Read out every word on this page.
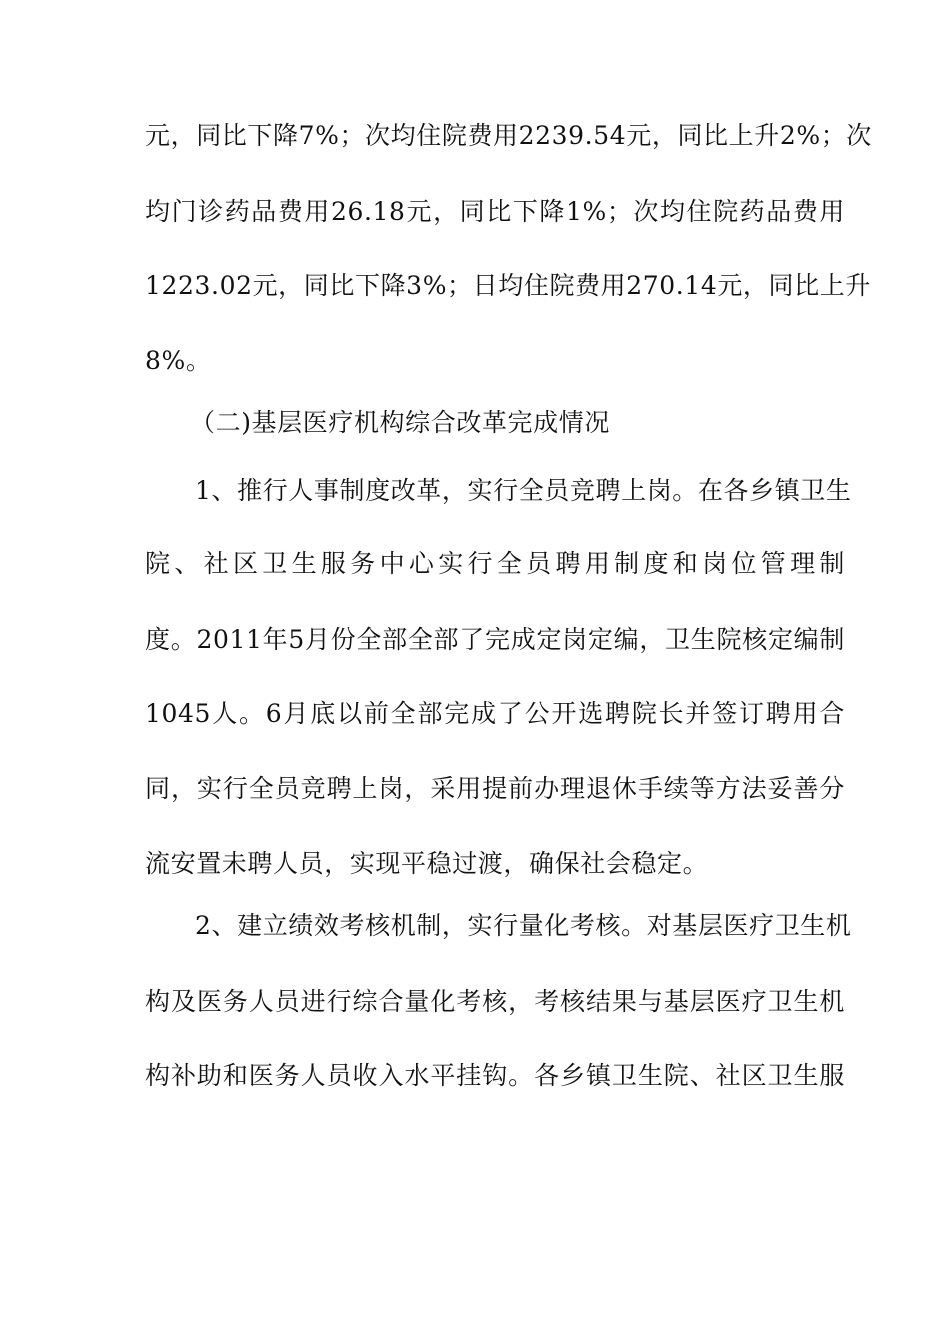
元，同比下降7%；次均住院费用2239.54元，同比上升2%；次
均门诊药品费用26.18元，同比下降1%；次均住院药品费用
1223.02元，同比下降3%；日均住院费用270.14元，同比上升
8%。
（二)基层医疗机构综合改革完成情况
1、推行人事制度改革，实行全员竞聘上岗。在各乡镇卫生
院、社区卫生服务中心实行全员聘用制度和岗位管理制
度。2011年5月份全部全部了完成定岗定编，卫生院核定编制
1045人。6月底以前全部完成了公开选聘院长并签订聘用合
同，实行全员竞聘上岗，采用提前办理退休手续等方法妥善分
流安置未聘人员，实现平稳过渡，确保社会稳定。
2、建立绩效考核机制，实行量化考核。对基层医疗卫生机
构及医务人员进行综合量化考核，考核结果与基层医疗卫生机
构补助和医务人员收入水平挂钩。各乡镇卫生院、社区卫生服
